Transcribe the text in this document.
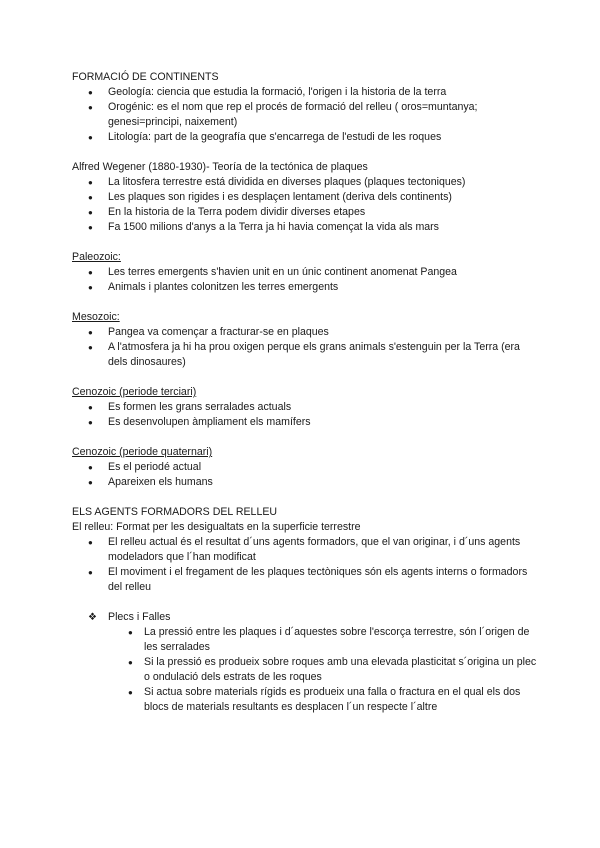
FORMACIÓ DE CONTINENTS
● Geología: ciencia que estudia la formació, l'origen i la historia de la terra
● Orogénic: es el nom que rep el procés de formació del relleu ( oros=muntanya; genesi=principi, naixement)
● Litología: part de la geografía que s'encarrega de l'estudi de les roques
Alfred Wegener (1880-1930)- Teoría de la tectónica de plaques
● La litosfera terrestre está dividida en diverses plaques (plaques tectoniques)
● Les plaques son rigides i es desplaçen lentament (deriva dels continents)
● En la historia de la Terra podem dividir diverses etapes
● Fa 1500 milions d'anys a la Terra ja hi havia començat la vida als mars
Paleozoic:
● Les terres emergents s'havien unit en un únic continent anomenat Pangea
● Animals i plantes colonitzen les terres emergents
Mesozoic:
● Pangea va començar a fracturar-se en plaques
● A l'atmosfera ja hi ha prou oxigen perque els grans animals s'estenguin per la Terra (era dels dinosaures)
Cenozoic (periode terciari)
● Es formen les grans serralades actuals
● Es desenvolupen àmpliament els mamífers
Cenozoic (periode quaternari)
● Es el periodé actual
● Apareixen els humans
ELS AGENTS FORMADORS DEL RELLEU
El relleu: Format per les desigualtats en la superficie terrestre
● El relleu actual és el resultat d´uns agents formadors, que el van originar, i d´uns agents modeladors que l´han modificat
● El moviment i el fregament de les plaques tectòniques són els agents interns o formadors del relleu
❖ Plecs i Falles
● La pressió entre les plaques i d´aquestes sobre l'escorça terrestre, són l´origen de les serralades
● Si la pressió es produeix sobre roques amb una elevada plasticitat s´origina un plec o ondulació dels estrats de les roques
● Si actua sobre materials rígids es produeix una falla o fractura en el qual els dos blocs de materials resultants es desplacen l´un respecte l´altre
